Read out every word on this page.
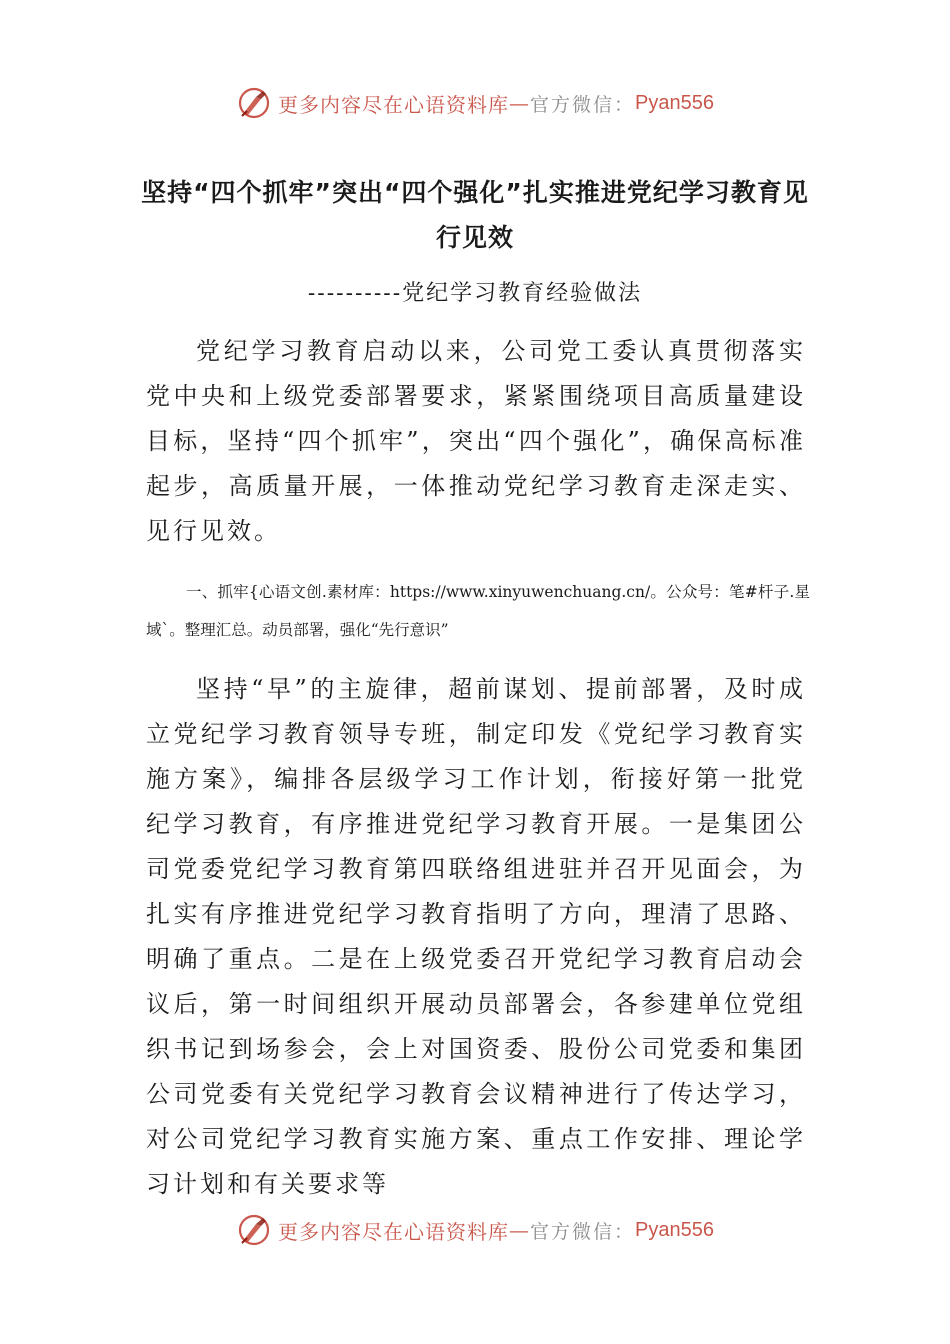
更多内容尽在心语资料库 — 官方微信： Pyan556
坚持“四个抓牢”突出“四个强化”扎实推进党纪学习教育见行见效
----------党纪学习教育经验做法

党纪学习教育启动以来，公司党工委认真贯彻落实党中央和上级党委部署要求，紧紧围绕项目高质量建设目标，坚持“四个抓牢”，突出“四个强化”，确保高标准起步，高质量开展，一体推动党纪学习教育走深走实、见行见效。

一、抓牢{心语文创.素材库：https://www.xinyuwenchuang.cn/。公众号：笔#杆子.星域`。整理汇总。动员部署，强化“先行意识”

坚持“早”的主旋律，超前谋划、提前部署，及时成立党纪学习教育领导专班，制定印发《党纪学习教育实施方案》，编排各层级学习工作计划，衔接好第一批党纪学习教育，有序推进党纪学习教育开展。一是集团公司党委党纪学习教育第四联络组进驻并召开见面会，为扎实有序推进党纪学习教育指明了方向，理清了思路、明确了重点。二是在上级党委召开党纪学习教育启动会议后，第一时间组织开展动员部署会，各参建单位党组织书记到场参会，会上对国资委、股份公司党委和集团公司党委有关党纪学习教育会议精神进行了传达学习，对公司党纪学习教育实施方案、重点工作安排、理论学习计划和有关要求等

更多内容尽在心语资料库 — 官方微信： Pyan556
